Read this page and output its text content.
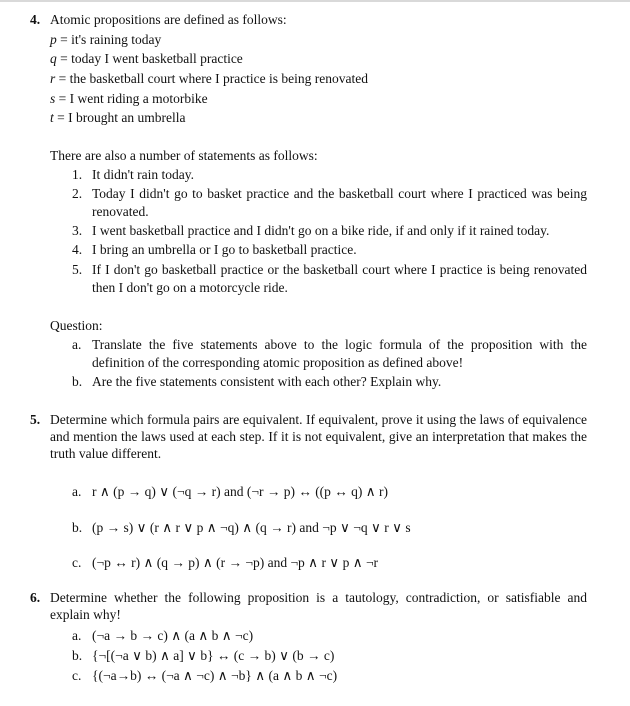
4. Atomic propositions are defined as follows:
p = it's raining today
q = today I went basketball practice
r = the basketball court where I practice is being renovated
s = I went riding a motorbike
t = I brought an umbrella
There are also a number of statements as follows:
1. It didn't rain today.
2. Today I didn't go to basket practice and the basketball court where I practiced was being
renovated.
3. I went basketball practice and I didn't go on a bike ride, if and only if it rained today.
4. I bring an umbrella or I go to basketball practice.
5. If I don't go basketball practice or the basketball court where I practice is being renovated
then I don't go on a motorcycle ride.
Question:
a. Translate the five statements above to the logic formula of the proposition with the
definition of the corresponding atomic proposition as defined above!
b. Are the five statements consistent with each other? Explain why.
5. Determine which formula pairs are equivalent. If equivalent, prove it using the laws of equivalence
and mention the laws used at each step. If it is not equivalent, give an interpretation that makes the
truth value different.
a. r ∧ (p → q) ∨ (¬q → r) and (¬r → p) ↔ ((p ↔ q) ∧ r)
b. (p → s) ∨ (r ∧ r ∨ p ∧ ¬q) ∧ (q → r) and ¬p ∨ ¬q ∨ r ∨ s
c. (¬p ↔ r) ∧ (q → p) ∧ (r → ¬p) and ¬p ∧ r ∨ p ∧ ¬r
6. Determine whether the following proposition is a tautology, contradiction, or satisfiable and
explain why!
a. (¬a → b → c) ∧ (a ∧ b ∧ ¬c)
b. {¬[(¬a ∨ b) ∧ a] ∨ b} ↔ (c → b) ∨ (b → c)
c. {(¬a→b) ↔ (¬a ∧ ¬c) ∧ ¬b} ∧ (a ∧ b ∧ ¬c)
